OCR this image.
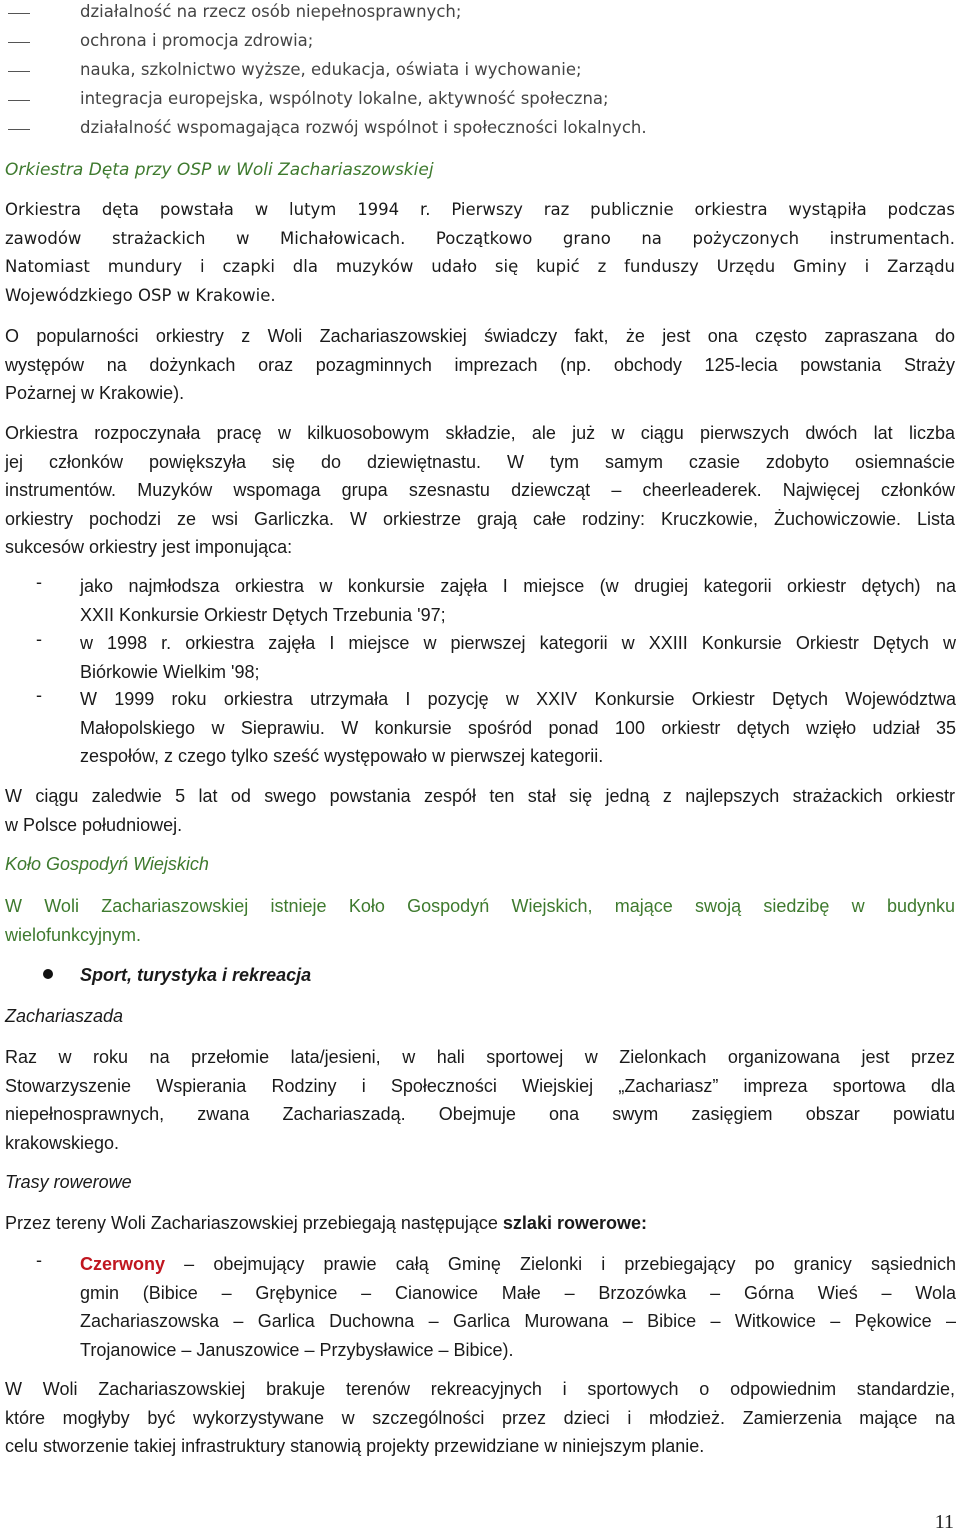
działalność na rzecz osób niepełnosprawnych;
ochrona i promocja zdrowia;
nauka, szkolnictwo wyższe, edukacja, oświata i wychowanie;
integracja europejska, wspólnoty lokalne, aktywność społeczna;
działalność wspomagająca rozwój wspólnot i społeczności lokalnych.
Orkiestra Dęta przy OSP w Woli Zachariaszowskiej
Orkiestra dęta powstała w lutym 1994 r. Pierwszy raz publicznie orkiestra wystąpiła podczas
zawodów strażackich w Michałowicach. Początkowo grano na pożyczonych instrumentach.
Natomiast mundury i czapki dla muzyków udało się kupić z funduszy Urzędu Gminy i Zarządu
Wojewódzkiego OSP w Krakowie.
O popularności orkiestry z Woli Zachariaszowskiej świadczy fakt, że jest ona często zapraszana do
występów na dożynkach oraz pozagminnych imprezach (np. obchody 125-lecia powstania Straży
Pożarnej w Krakowie).
Orkiestra rozpoczynała pracę w kilkuosobowym składzie, ale już w ciągu pierwszych dwóch lat liczba
jej członków powiększyła się do dziewiętnastu. W tym samym czasie zdobyto osiemnaście
instrumentów. Muzyków wspomaga grupa szesnastu dziewcząt – cheerleaderek. Najwięcej członków
orkiestry pochodzi ze wsi Garliczka. W orkiestrze grają całe rodziny: Kruczkowie, Żuchowiczowie. Lista
sukcesów orkiestry jest imponująca:
- jako najmłodsza orkiestra w konkursie zajęła I miejsce (w drugiej kategorii orkiestr dętych) na
XXII Konkursie Orkiestr Dętych Trzebunia '97;
- w 1998 r. orkiestra zajęła I miejsce w pierwszej kategorii w XXIII Konkursie Orkiestr Dętych w
Biórkowie Wielkim '98;
- W 1999 roku orkiestra utrzymała I pozycję w XXIV Konkursie Orkiestr Dętych Województwa
Małopolskiego w Sieprawiu. W konkursie spośród ponad 100 orkiestr dętych wzięło udział 35
zespołów, z czego tylko sześć występowało w pierwszej kategorii.
W ciągu zaledwie 5 lat od swego powstania zespół ten stał się jedną z najlepszych strażackich orkiestr
w Polsce południowej.
Koło Gospodyń Wiejskich
W Woli Zachariaszowskiej istnieje Koło Gospodyń Wiejskich, mające swoją siedzibę w budynku
wielofunkcyjnym.
Sport, turystyka i rekreacja
Zachariaszada
Raz w roku na przełomie lata/jesieni, w hali sportowej w Zielonkach organizowana jest przez
Stowarzyszenie Wspierania Rodziny i Społeczności Wiejskiej „Zachariasz” impreza sportowa dla
niepełnosprawnych, zwana Zachariaszadą. Obejmuje ona swym zasięgiem obszar powiatu
krakowskiego.
Trasy rowerowe
Przez tereny Woli Zachariaszowskiej przebiegają następujące szlaki rowerowe:
- Czerwony – obejmujący prawie całą Gminę Zielonki i przebiegający po granicy sąsiednich
gmin (Bibice – Grębynice – Cianowice Małe – Brzozówka – Górna Wieś – Wola
Zachariaszowska – Garlica Duchowna – Garlica Murowana – Bibice – Witkowice – Pękowice –
Trojanowice – Januszowice – Przybysławice – Bibice).
W Woli Zachariaszowskiej brakuje terenów rekreacyjnych i sportowych o odpowiednim standardzie,
które mogłyby być wykorzystywane w szczególności przez dzieci i młodzież. Zamierzenia mające na
celu stworzenie takiej infrastruktury stanowią projekty przewidziane w niniejszym planie.
11
